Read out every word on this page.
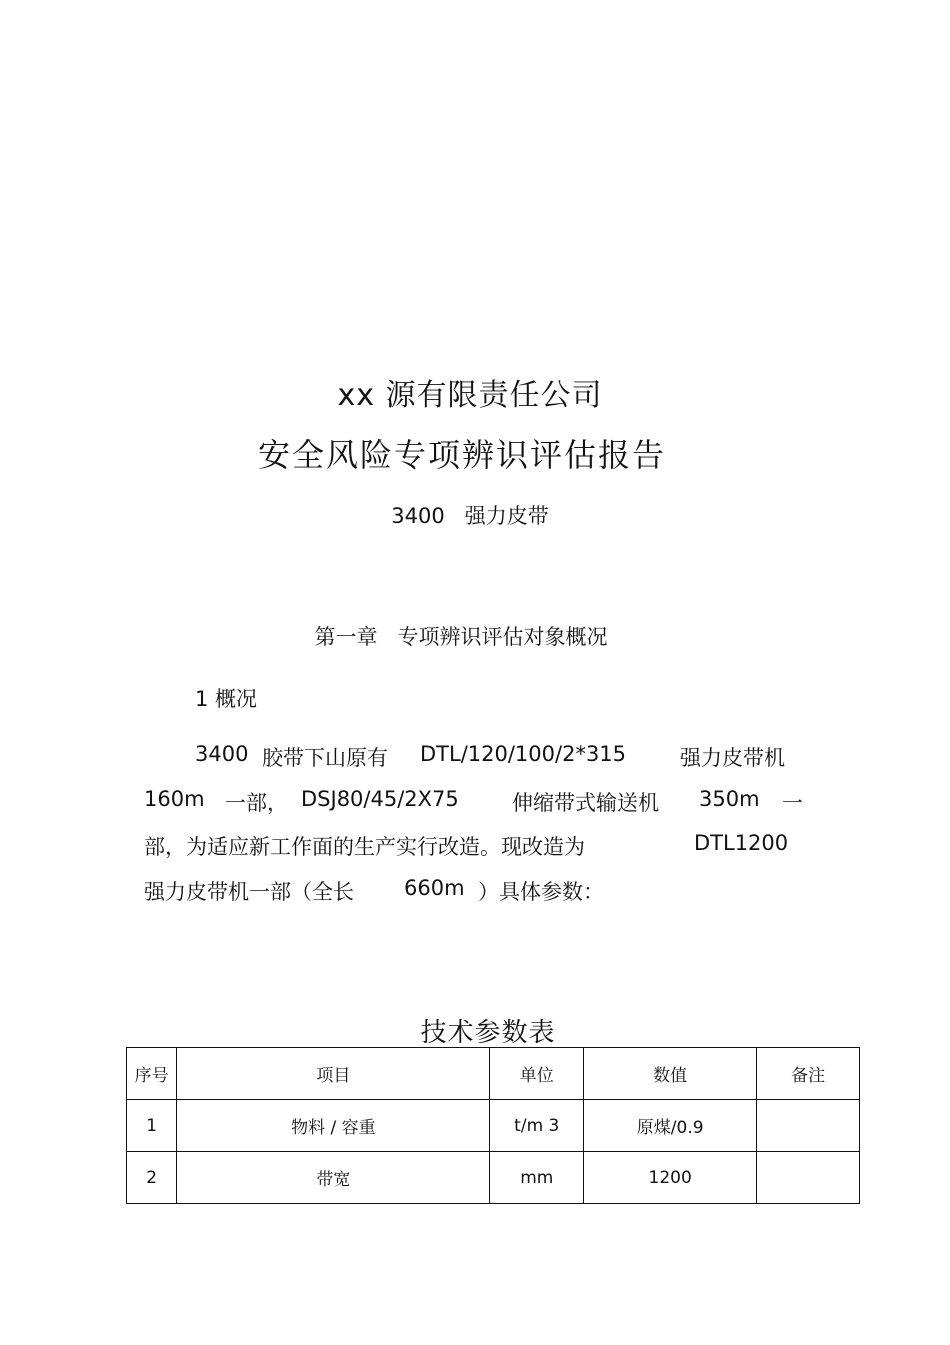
xx 源有限责任公司
安全风险专项辨识评估报告
3400 强力皮带
第一章 专项辨识评估对象概况
1 概况
3400 胶带下山原有 DTL/120/100/2*315	强力皮带机
160m 一部， DSJ80/45/2X75	伸缩带式输送机 350m 一
部，为适应新工作面的生产实行改造。现改造为	DTL1200
强力皮带机一部（全长 660m ）具体参数：
技术参数表
序号	项目	单位	数值	备注
1	物料 / 容重	t/m 3	原煤/0.9	
2	带宽	mm	1200	
